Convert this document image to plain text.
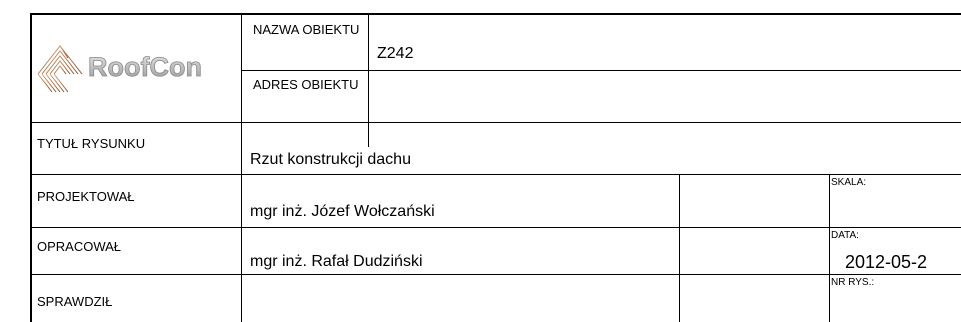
RoofCon
NAZWA OBIEKTU
Z242
ADRES OBIEKTU
TYTUŁ RYSUNKU
Rzut konstrukcji dachu
PROJEKTOWAŁ
mgr inż. Józef Wołczański
OPRACOWAŁ
mgr inż. Rafał Dudziński
SPRAWDZIŁ
SKALA:
DATA:
2012-05-2
NR RYS.:
